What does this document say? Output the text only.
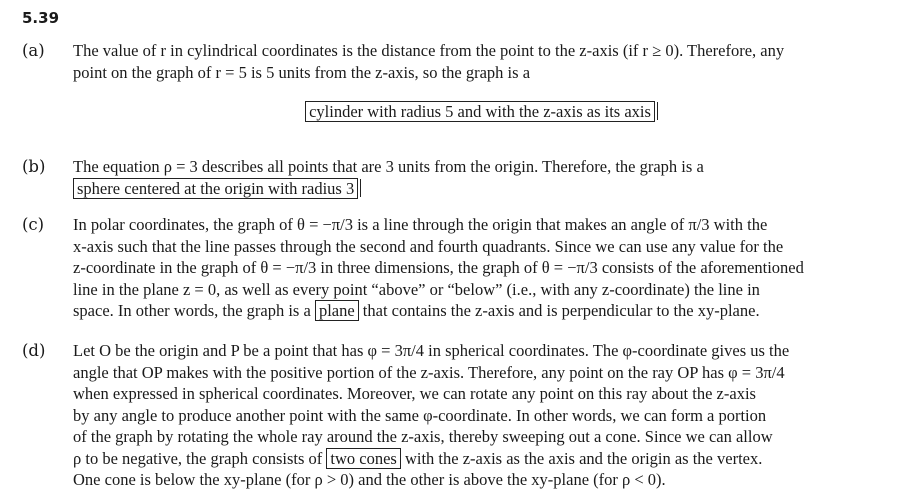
5.39
(a) The value of r in cylindrical coordinates is the distance from the point to the z-axis (if r ≥ 0). Therefore, any
point on the graph of r = 5 is 5 units from the z-axis, so the graph is a
cylinder with radius 5 and with the z-axis as its axis
(b) The equation ρ = 3 describes all points that are 3 units from the origin. Therefore, the graph is a
sphere centered at the origin with radius 3
(c) In polar coordinates, the graph of θ = −π/3 is a line through the origin that makes an angle of π/3 with the
x-axis such that the line passes through the second and fourth quadrants. Since we can use any value for the
z-coordinate in the graph of θ = −π/3 in three dimensions, the graph of θ = −π/3 consists of the aforementioned
line in the plane z = 0, as well as every point “above” or “below” (i.e., with any z-coordinate) the line in
space. In other words, the graph is a plane that contains the z-axis and is perpendicular to the xy-plane.
(d) Let O be the origin and P be a point that has φ = 3π/4 in spherical coordinates. The φ-coordinate gives us the
angle that OP makes with the positive portion of the z-axis. Therefore, any point on the ray OP has φ = 3π/4
when expressed in spherical coordinates. Moreover, we can rotate any point on this ray about the z-axis
by any angle to produce another point with the same φ-coordinate. In other words, we can form a portion
of the graph by rotating the whole ray around the z-axis, thereby sweeping out a cone. Since we can allow
ρ to be negative, the graph consists of two cones with the z-axis as the axis and the origin as the vertex.
One cone is below the xy-plane (for ρ > 0) and the other is above the xy-plane (for ρ < 0).
